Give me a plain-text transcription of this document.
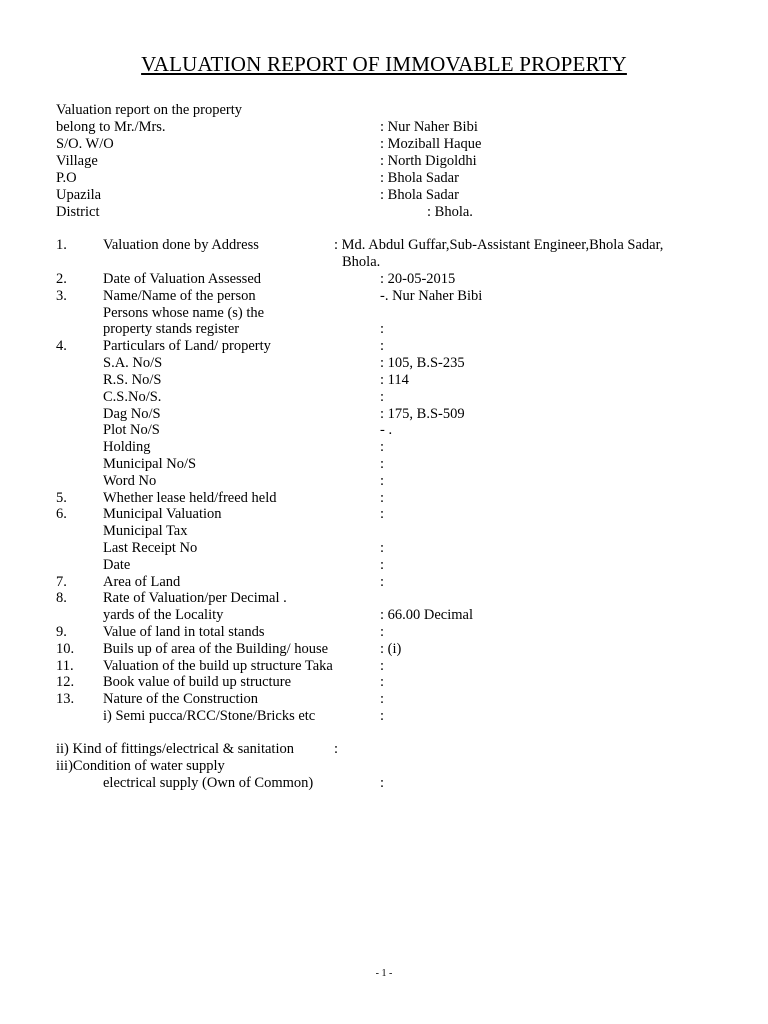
VALUATION REPORT OF IMMOVABLE PROPERTY
Valuation report on the property
belong to Mr./Mrs.	: Nur Naher Bibi
S/O. W/O	: Moziball Haque
Village	: North Digoldhi
P.O	: Bhola Sadar
Upazila	: Bhola Sadar
District	: Bhola.
1. Valuation done by Address	: Md. Abdul Guffar,Sub-Assistant Engineer,Bhola Sadar,
Bhola.
2. Date of Valuation Assessed	: 20-05-2015
3. Name/Name of the person	-. Nur Naher Bibi
Persons whose name (s) the
property stands register	:
4. Particulars of Land/ property	:
S.A. No/S	: 105, B.S-235
R.S. No/S	: 114
C.S.No/S.	:
Dag No/S	: 175, B.S-509
Plot No/S	- .
Holding	:
Municipal No/S	:
Word No	:
5. Whether lease held/freed held	:
6. Municipal Valuation	:
Municipal Tax
Last Receipt No	:
Date	:
7. Area of Land	:
8. Rate of Valuation/per Decimal .
yards of the Locality	: 66.00 Decimal
9. Value of land in total stands	:
10. Buils up of area of the Building/ house	: (i)
11. Valuation of the build up structure Taka	:
12. Book value of build up structure	:
13. Nature of the Construction	:
i) Semi pucca/RCC/Stone/Bricks etc	:
ii) Kind of fittings/electrical & sanitation	:
iii)Condition of water supply
electrical supply (Own of Common)	:
- 1 -
